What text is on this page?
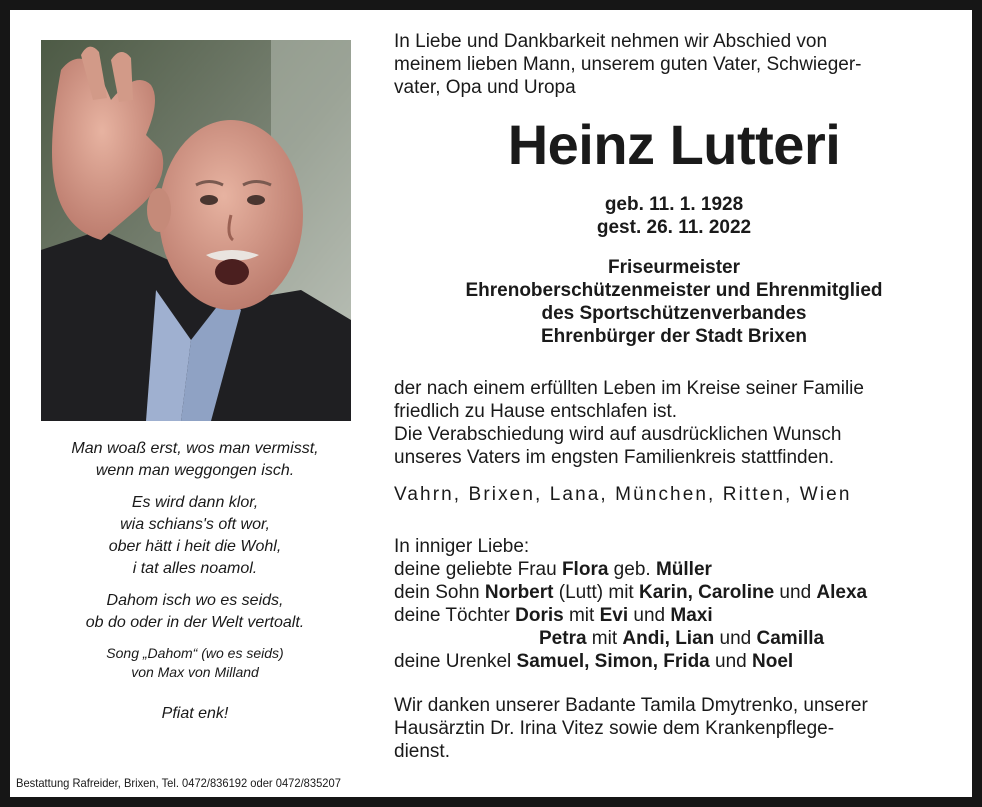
Man woaß erst, wos man vermisst,
wenn man weggongen isch.
Es wird dann klor,
wia schians's oft wor,
ober hätt i heit die Wohl,
i tat alles noamol.
Dahom isch wo es seids,
ob do oder in der Welt vertoalt.
Song „Dahom“ (wo es seids)
von Max von Milland
Pfiat enk!
Bestattung Rafreider, Brixen, Tel. 0472/836192 oder 0472/835207
In Liebe und Dankbarkeit nehmen wir Abschied von
meinem lieben Mann, unserem guten Vater, Schwieger-
vater, Opa und Uropa
Heinz Lutteri
geb. 11. 1. 1928
gest. 26. 11. 2022
Friseurmeister
Ehrenoberschützenmeister und Ehrenmitglied
des Sportschützenverbandes
Ehrenbürger der Stadt Brixen
der nach einem erfüllten Leben im Kreise seiner Familie
friedlich zu Hause entschlafen ist.
Die Verabschiedung wird auf ausdrücklichen Wunsch
unseres Vaters im engsten Familienkreis stattfinden.
Vahrn, Brixen, Lana, München, Ritten, Wien
In inniger Liebe:
deine geliebte Frau Flora geb. Müller
dein Sohn Norbert (Lutt) mit Karin, Caroline und Alexa
deine Töchter Doris mit Evi und Maxi
Petra mit Andi, Lian und Camilla
deine Urenkel Samuel, Simon, Frida und Noel
Wir danken unserer Badante Tamila Dmytrenko, unserer
Hausärztin Dr. Irina Vitez sowie dem Krankenpflege-
dienst.
